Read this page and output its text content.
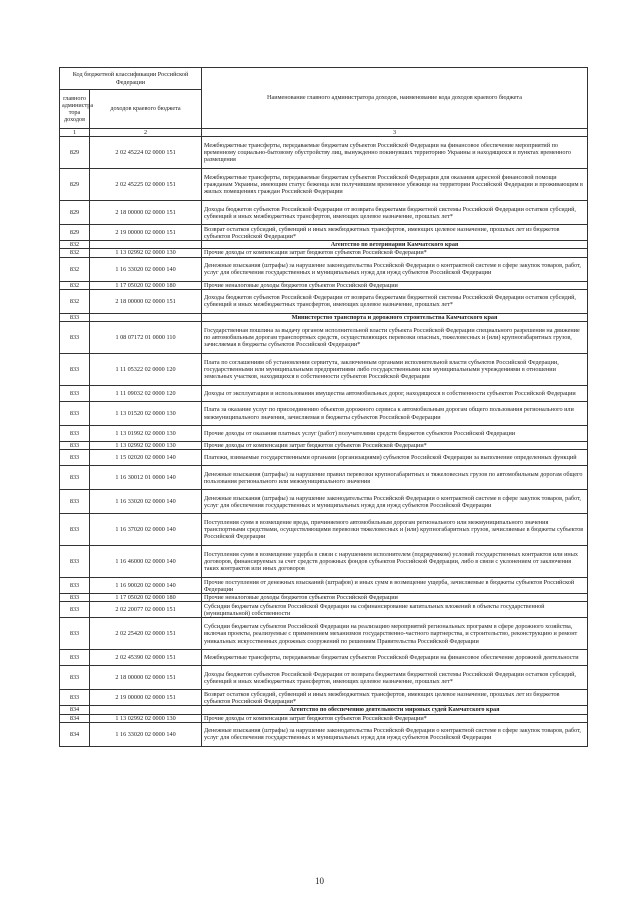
Код бюджетной классификации Российской Федерации		Наименование главного администратора доходов, наименование кода доходов краевого бюджета
главного администра тора доходов	доходов краевого бюджета	
1	2	3
829	2 02 45224 02 0000 151	Межбюджетные трансферты, передаваемые бюджетам субъектов Российской Федерации на финансовое обеспечение мероприятий по временному социально-бытовому обустройству лиц, вынужденно покинувших территорию Украины и находящихся в пунктах временного размещения
829	2 02 45225 02 0000 151	Межбюджетные трансферты, передаваемые бюджетам субъектов Российской Федерации для оказания адресной финансовой помощи гражданам Украины, имеющим статус беженца или получившим временное убежище на территории Российской Федерации и проживающим в жилых помещениях граждан Российской Федерации
829	2 18 00000 02 0000 151	Доходы бюджетов субъектов Российской Федерации от возврата бюджетами бюджетной системы Российской Федерации остатков субсидий, субвенций и иных межбюджетных трансфертов, имеющих целевое назначение, прошлых лет*
829	2 19 00000 02 0000 151	Возврат остатков субсидий, субвенций и иных межбюджетных трансфертов, имеющих целевое назначение, прошлых лет из бюджетов субъектов Российской Федерации*
832		Агентство по ветеринарии Камчатского края
832	1 13 02992 02 0000 130	Прочие доходы от компенсации затрат бюджетов субъектов Российской Федерации*
832	1 16 33020 02 0000 140	Денежные взыскания (штрафы) за нарушение законодательства Российской Федерации о контрактной системе в сфере закупок товаров, работ, услуг для обеспечения государственных и муниципальных нужд для нужд субъектов Российской Федерации
832	1 17 05020 02 0000 180	Прочие неналоговые доходы бюджетов субъектов Российской Федерации
832	2 18 00000 02 0000 151	Доходы бюджетов субъектов Российской Федерации от возврата бюджетами бюджетной системы Российской Федерации остатков субсидий, субвенций и иных межбюджетных трансфертов, имеющих целевое назначение, прошлых лет*
833		Министерство транспорта и дорожного строительства Камчатского края
833	1 08 07172 01 0000 110	Государственная пошлина за выдачу органом исполнительной власти субъекта Российской Федерации специального разрешения на движение по автомобильным дорогам транспортных средств, осуществляющих перевозки опасных, тяжеловесных и (или) крупногабаритных грузов, зачисляемая в бюджеты субъектов Российской Федерации*
833	1 11 05322 02 0000 120	Плата по соглашениям об установлении сервитута, заключенным органами исполнительной власти субъектов Российской Федерации, государственными или муниципальными предприятиями либо государственными или муниципальными учреждениями в отношении земельных участков, находящихся в собственности субъектов Российской Федерации
833	1 11 09032 02 0000 120	Доходы от эксплуатации и использования имущества автомобильных дорог, находящихся в собственности субъектов Российской Федерации
833	1 13 01520 02 0000 130	Плата за оказание услуг по присоединению объектов дорожного сервиса к автомобильным дорогам общего пользования регионального или межмуниципального значения, зачисляемая в бюджеты субъектов Российской Федерации
833	1 13 01992 02 0000 130	Прочие доходы от оказания платных услуг (работ) получателями средств бюджетов субъектов Российской Федерации
833	1 13 02992 02 0000 130	Прочие доходы от компенсации затрат бюджетов субъектов Российской Федерации*
833	1 15 02020 02 0000 140	Платежи, взимаемые государственными органами (организациями) субъектов Российской Федерации за выполнение определенных функций
833	1 16 30012 01 0000 140	Денежные взыскания (штрафы) за нарушение правил перевозки крупногабаритных и тяжеловесных грузов по автомобильным дорогам общего пользования регионального или межмуниципального значения
833	1 16 33020 02 0000 140	Денежные взыскания (штрафы) за нарушение законодательства Российской Федерации о контрактной системе в сфере закупок товаров, работ, услуг для обеспечения государственных и муниципальных нужд для нужд субъектов Российской Федерации
833	1 16 37020 02 0000 140	Поступления сумм в возмещение вреда, причиняемого автомобильным дорогам регионального или межмуниципального значения транспортными средствами, осуществляющими перевозки тяжеловесных и (или) крупногабаритных грузов, зачисляемые в бюджеты субъектов Российской Федерации
833	1 16 46000 02 0000 140	Поступления сумм в возмещение ущерба в связи с нарушением исполнителем (подрядчиком) условий государственных контрактов или иных договоров, финансируемых за счет средств дорожных фондов субъектов Российской Федерации, либо в связи с уклонением от заключения таких контрактов или иных договоров
833	1 16 90020 02 0000 140	Прочие поступления от денежных взысканий (штрафов) и иных сумм в возмещение ущерба, зачисляемые в бюджеты субъектов Российской Федерации
833	1 17 05020 02 0000 180	Прочие неналоговые доходы бюджетов субъектов Российской Федерации
833	2 02 20077 02 0000 151	Субсидии бюджетам субъектов Российской Федерации на софинансирование капитальных вложений в объекты государственной (муниципальной) собственности
833	2 02 25420 02 0000 151	Субсидии бюджетам субъектов Российской Федерации на реализацию мероприятий региональных программ в сфере дорожного хозяйства, включая проекты, реализуемые с применением механизмов государственно-частного партнерства, и строительство, реконструкцию и ремонт уникальных искусственных дорожных сооружений по решениям Правительства Российской Федерации
833	2 02 45390 02 0000 151	Межбюджетные трансферты, передаваемые бюджетам субъектов Российской Федерации на финансовое обеспечение дорожной деятельности
833	2 18 00000 02 0000 151	Доходы бюджетов субъектов Российской Федерации от возврата бюджетами бюджетной системы Российской Федерации остатков субсидий, субвенций и иных межбюджетных трансфертов, имеющих целевое назначение, прошлых лет*
833	2 19 00000 02 0000 151	Возврат остатков субсидий, субвенций и иных межбюджетных трансфертов, имеющих целевое назначение, прошлых лет из бюджетов субъектов Российской Федерации*
834		Агентство по обеспечению деятельности мировых судей Камчатского края
834	1 13 02992 02 0000 130	Прочие доходы от компенсации затрат бюджетов субъектов Российской Федерации*
834	1 16 33020 02 0000 140	Денежные взыскания (штрафы) за нарушение законодательства Российской Федерации о контрактной системе в сфере закупок товаров, работ, услуг для обеспечения государственных и муниципальных нужд для нужд субъектов Российской Федерации
10
